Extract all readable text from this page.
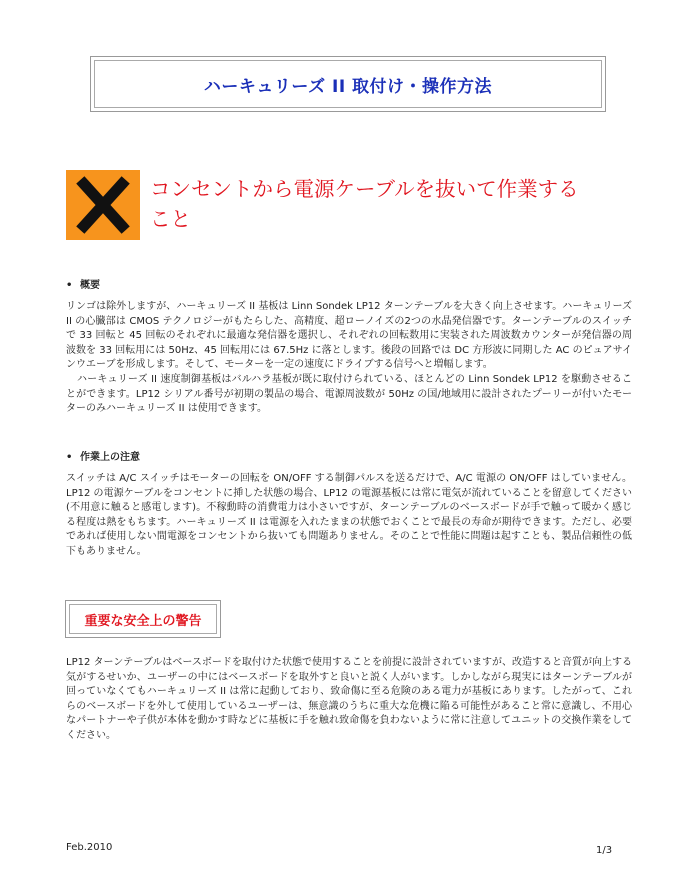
ハーキュリーズ II 取付け・操作方法
コンセントから電源ケーブルを抜いて作業すること
• 概要

リンゴは除外しますが、ハーキュリーズ II 基板は Linn Sondek LP12 ターンテーブルを大きく向上させます。ハーキュリーズ II の心臓部は CMOS テクノロジーがもたらした、高精度、超ローノイズの2つの水晶発信器です。ターンテーブルのスイッチで 33 回転と 45 回転のそれぞれに最適な発信器を選択し、それぞれの回転数用に実装された周波数カウンターが発信器の周波数を 33 回転用には 50Hz、45 回転用には 67.5Hz に落とします。後段の回路では DC 方形波に同期した AC のピュアサインウエーブを形成します。そして、モーターを一定の速度にドライブする信号へと増幅します。

ハーキュリーズ II 速度制御基板はバルハラ基板が既に取付けられている、ほとんどの Linn Sondek LP12 を駆動させることができます。LP12 シリアル番号が初期の製品の場合、電源周波数が 50Hz の国/地域用に設計されたプーリーが付いたモーターのみハーキュリーズ II は使用できます。

• 作業上の注意

スイッチは A/C スイッチはモーターの回転を ON/OFF する制御パルスを送るだけで、A/C 電源の ON/OFF はしていません。LP12 の電源ケーブルをコンセントに挿した状態の場合、LP12 の電源基板には常に電気が流れていることを留意してください(不用意に触ると感電します)。不稼動時の消費電力は小さいですが、ターンテーブルのベースボードが手で触って暖かく感じる程度は熱をもちます。ハーキュリーズ II は電源を入れたままの状態でおくことで最長の寿命が期待できます。ただし、必要であれば使用しない間電源をコンセントから抜いても問題ありません。そのことで性能に問題は起すことも、製品信頼性の低下もありません。

重要な安全上の警告

LP12 ターンテーブルはベースボードを取付けた状態で使用することを前提に設計されていますが、改造すると音質が向上する気がするせいか、ユーザーの中にはベースボードを取外すと良いと説く人がいます。しかしながら現実にはターンテーブルが回っていなくてもハーキュリーズ II は常に起動しており、致命傷に至る危険のある電力が基板にあります。したがって、これらのベースボードを外して使用しているユーザーは、無意識のうちに重大な危機に陥る可能性があること常に意識し、不用心なパートナーや子供が本体を動かす時などに基板に手を触れ致命傷を負わないように常に注意してユニットの交換作業をしてください。

Feb.2010	1/3
